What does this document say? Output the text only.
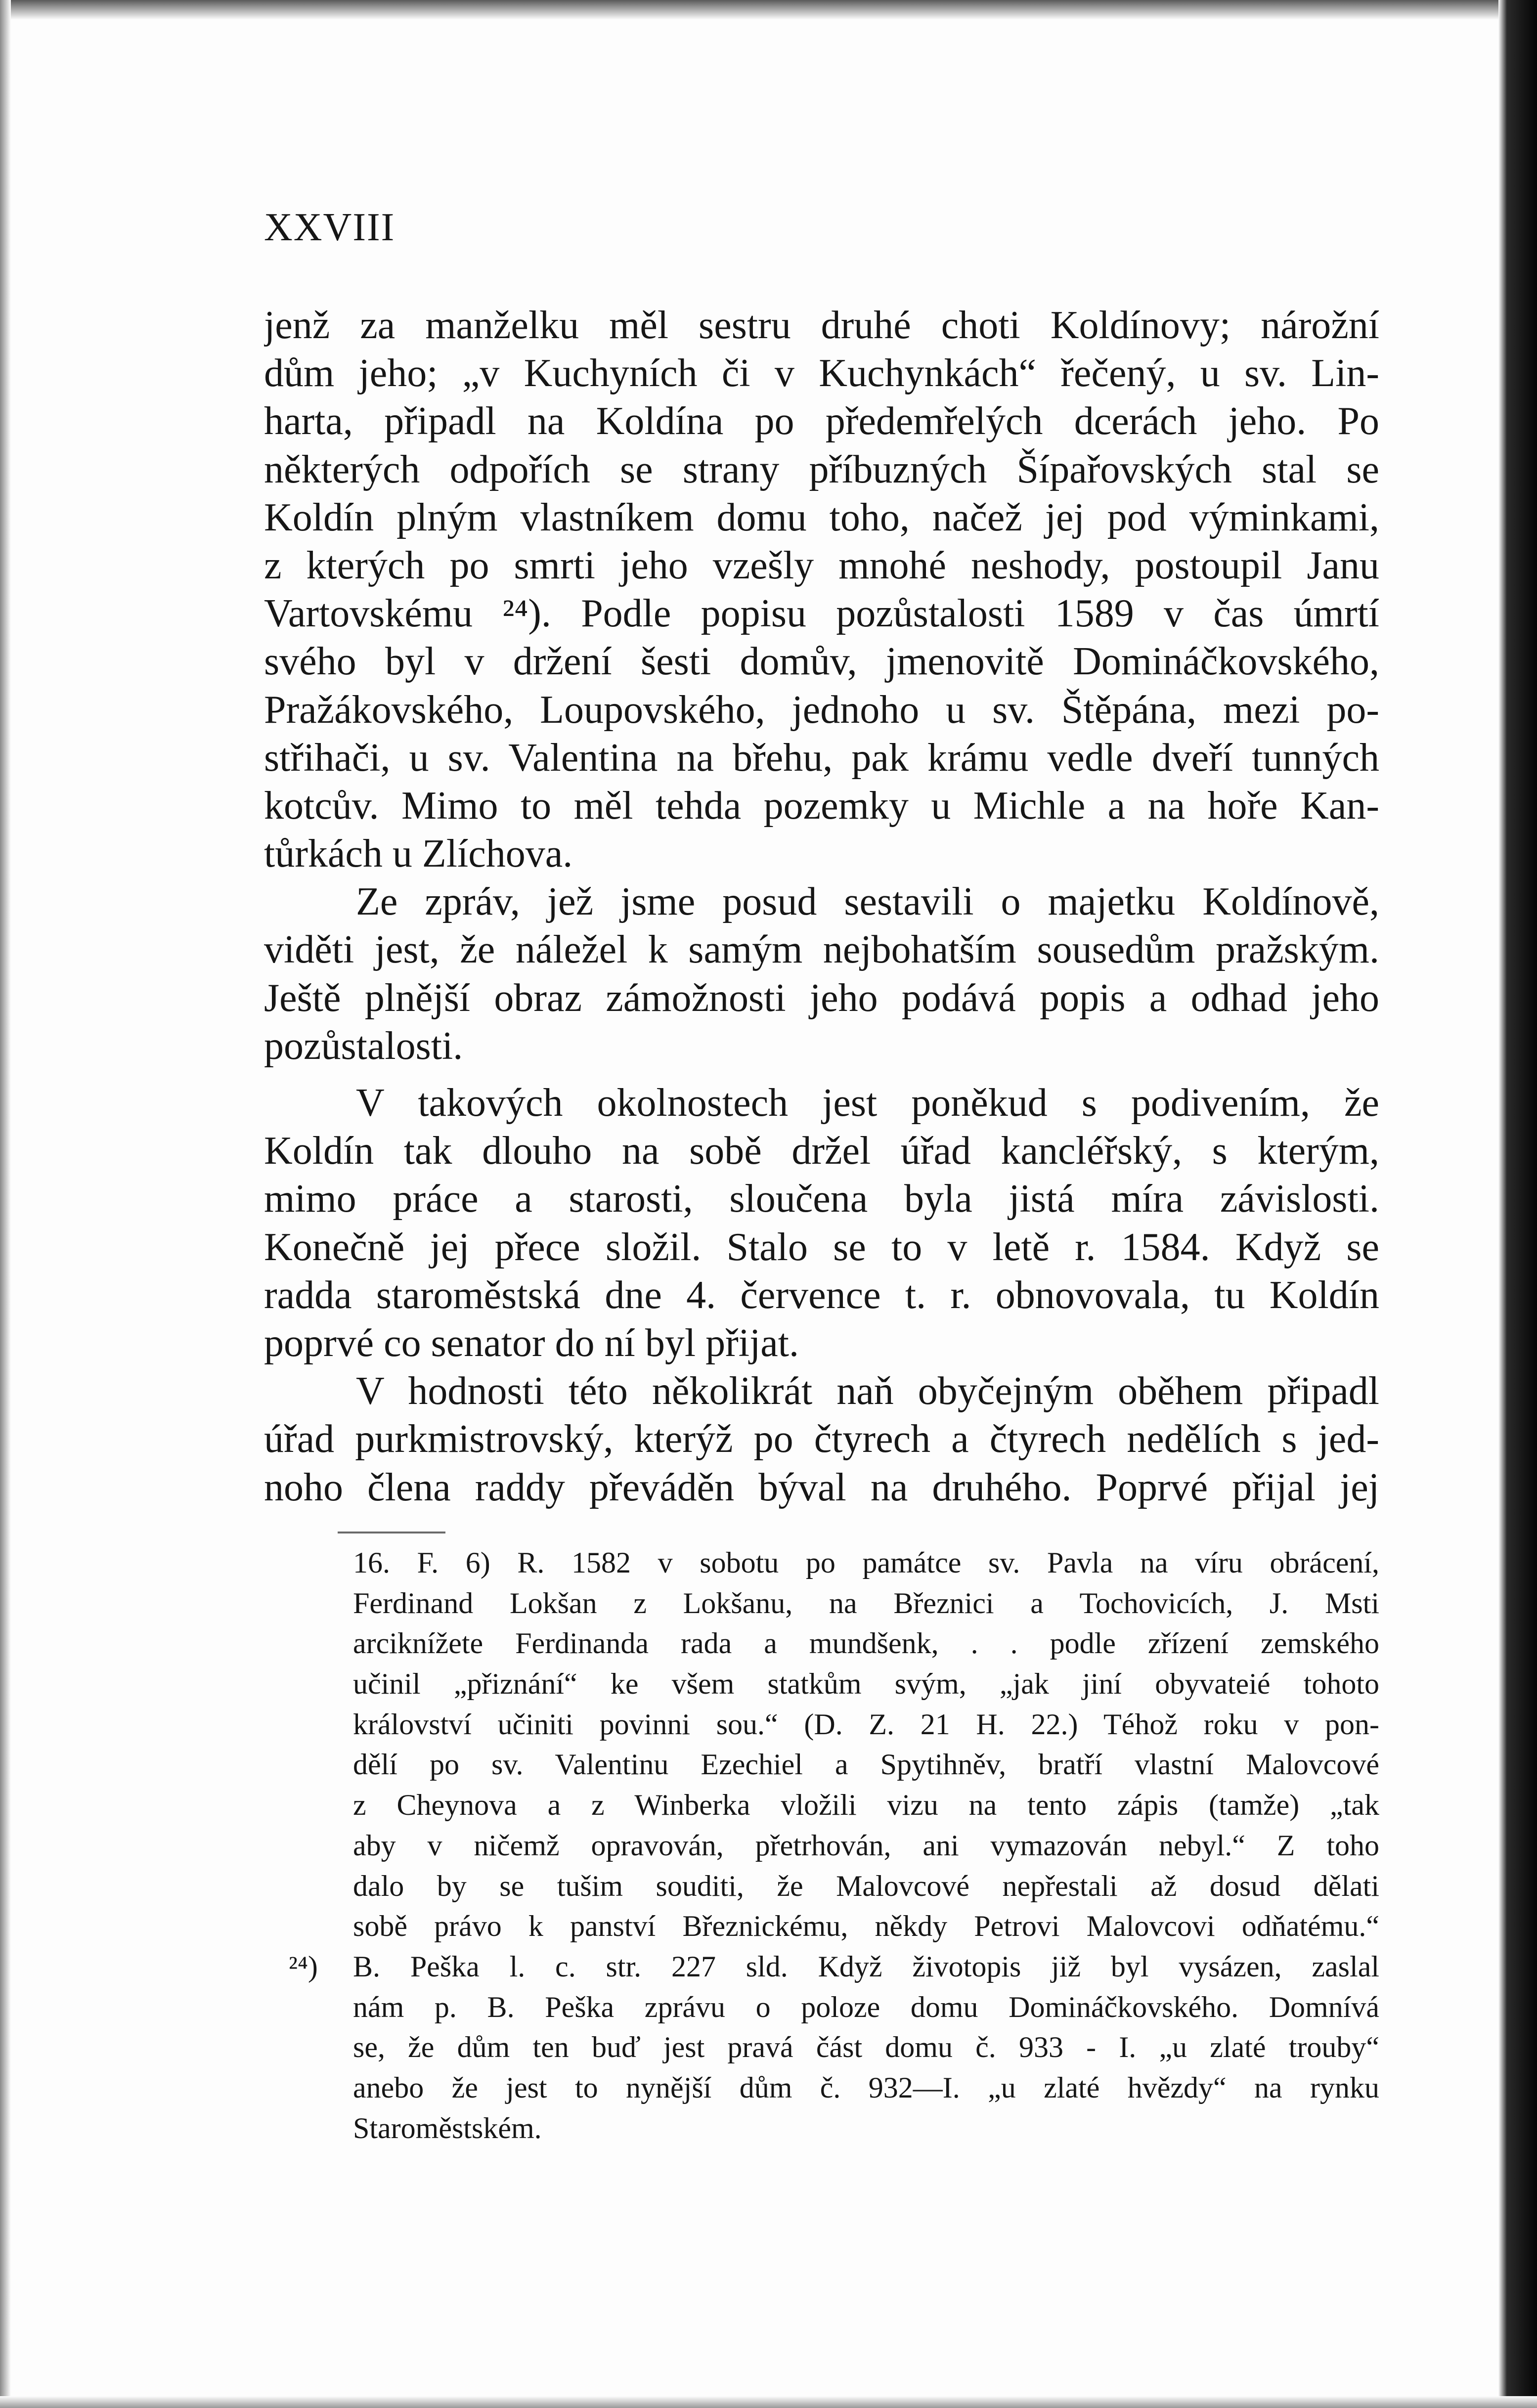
XXVIII
jenž za manželku měl sestru druhé choti Koldínovy; nárožní
dům jeho; „v Kuchyních či v Kuchynkách“ řečený, u sv. Lin-
harta, připadl na Koldína po předemřelých dcerách jeho. Po
některých odpořích se strany příbuzných Šípařovských stal se
Koldín plným vlastníkem domu toho, načež jej pod výminkami,
z kterých po smrti jeho vzešly mnohé neshody, postoupil Janu
Vartovskému ²⁴). Podle popisu pozůstalosti 1589 v čas úmrtí
svého byl v držení šesti domův, jmenovitě Domináčkovského,
Pražákovského, Loupovského, jednoho u sv. Štěpána, mezi po-
střihači, u sv. Valentina na břehu, pak krámu vedle dveří tunných
kotcův. Mimo to měl tehda pozemky u Michle a na hoře Kan-
tůrkách u Zlíchova.
Ze zpráv, jež jsme posud sestavili o majetku Koldínově,
viděti jest, že náležel k samým nejbohatším sousedům pražským.
Ještě plnější obraz zámožnosti jeho podává popis a odhad jeho
pozůstalosti.
V takových okolnostech jest poněkud s podivením, že
Koldín tak dlouho na sobě držel úřad kancléřský, s kterým,
mimo práce a starosti, sloučena byla jistá míra závislosti.
Konečně jej přece složil. Stalo se to v letě r. 1584. Když se
radda staroměstská dne 4. července t. r. obnovovala, tu Koldín
poprvé co senator do ní byl přijat.
V hodnosti této několikrát naň obyčejným oběhem připadl
úřad purkmistrovský, kterýž po čtyrech a čtyrech nedělích s jed-
noho člena raddy převáděn býval na druhého. Poprvé přijal jej
16. F. 6) R. 1582 v sobotu po památce sv. Pavla na víru obrácení,
Ferdinand Lokšan z Lokšanu, na Březnici a Tochovicích, J. Msti
arciknížete Ferdinanda rada a mundšenk, . . podle zřízení zemského
učinil „přiznání“ ke všem statkům svým, „jak jiní obyvateié tohoto
království učiniti povinni sou.“ (D. Z. 21 H. 22.) Téhož roku v pon-
dělí po sv. Valentinu Ezechiel a Spytihněv, bratří vlastní Malovcové
z Cheynova a z Winberka vložili vizu na tento zápis (tamže) „tak
aby v ničemž opravován, přetrhován, ani vymazován nebyl.“ Z toho
dalo by se tušim souditi, že Malovcové nepřestali až dosud dělati
sobě právo k panství Březnickému, někdy Petrovi Malovcovi odňatému.“
²⁴) B. Peška l. c. str. 227 sld. Když životopis již byl vysázen, zaslal
nám p. B. Peška zprávu o poloze domu Domináčkovského. Domnívá
se, že dům ten buď jest pravá část domu č. 933 - I. „u zlaté trouby“
anebo že jest to nynější dům č. 932—I. „u zlaté hvězdy“ na rynku
Staroměstském.
